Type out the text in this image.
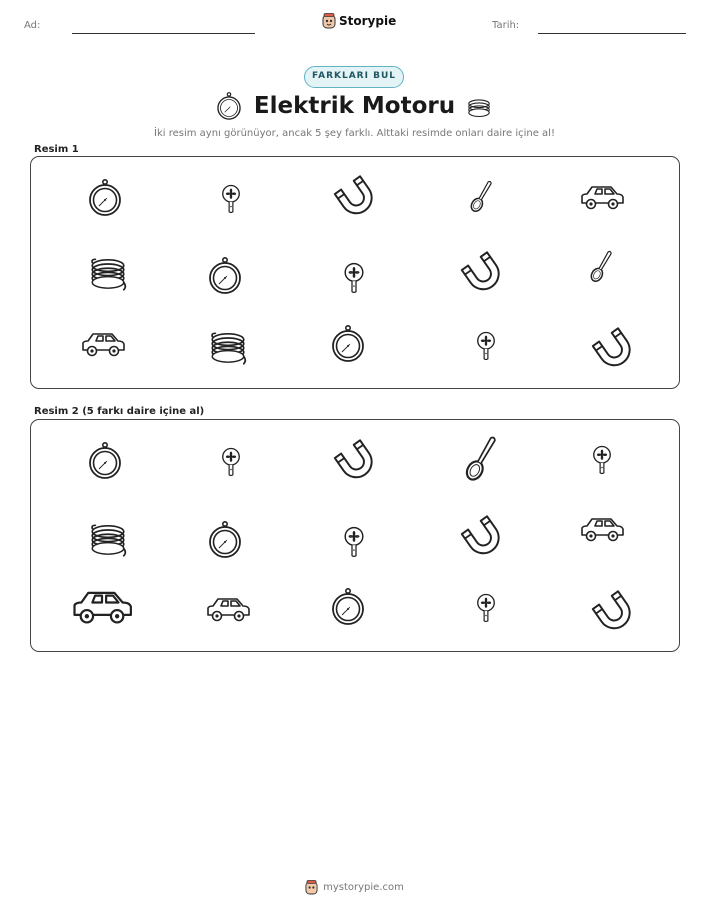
Ad:	Storypie	Tarih:
FARKLARI BUL
Elektrik Motoru
İki resim aynı görünüyor, ancak 5 şey farklı. Alttaki resimde onları daire içine al!
Resim 1
Resim 2 (5 farkı daire içine al)
mystorypie.com
